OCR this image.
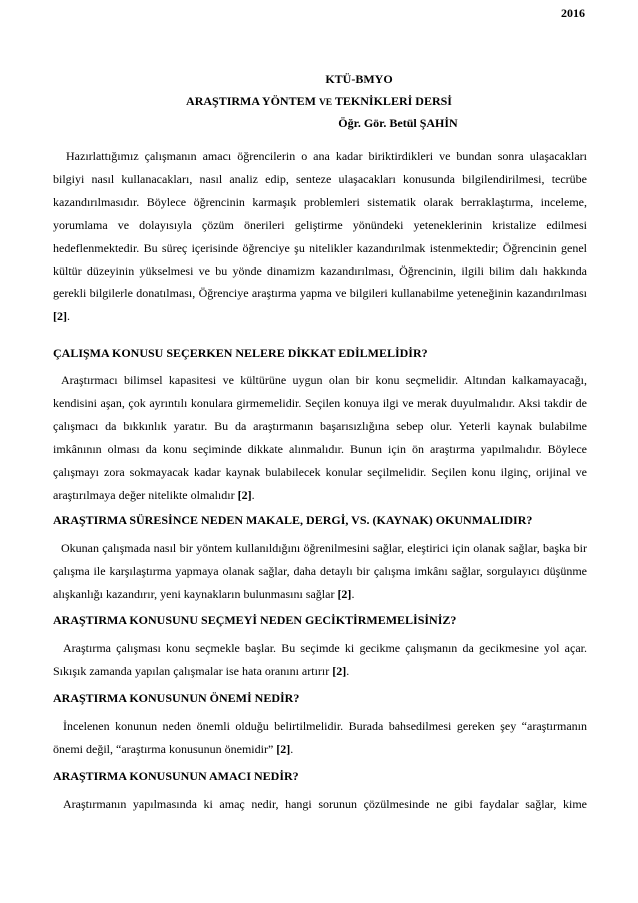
2016
KTÜ-BMYO
ARAŞTIRMA YÖNTEM VE TEKNİKLERİ DERSİ
Öğr. Gör. Betül ŞAHİN
Hazırlattığımız çalışmanın amacı öğrencilerin o ana kadar biriktirdikleri ve bundan sonra ulaşacakları bilgiyi nasıl kullanacakları, nasıl analiz edip, senteze ulaşacakları konusunda bilgilendirilmesi, tecrübe kazandırılmasıdır. Böylece öğrencinin karmaşık problemleri sistematik olarak berraklaştırma, inceleme, yorumlama ve dolayısıyla çözüm önerileri geliştirme yönündeki yeteneklerinin kristalize edilmesi hedeflenmektedir. Bu süreç içerisinde öğrenciye şu nitelikler kazandırılmak istenmektedir; Öğrencinin genel kültür düzeyinin yükselmesi ve bu yönde dinamizm kazandırılması, Öğrencinin, ilgili bilim dalı hakkında gerekli bilgilerle donatılması, Öğrenciye araştırma yapma ve bilgileri kullanabilme yeteneğinin kazandırılması [2].
ÇALIŞMA KONUSU SEÇERKEN NELERE DİKKAT EDİLMELİDİR?
Araştırmacı bilimsel kapasitesi ve kültürüne uygun olan bir konu seçmelidir. Altından kalkamayacağı, kendisini aşan, çok ayrıntılı konulara girmemelidir. Seçilen konuya ilgi ve merak duyulmalıdır. Aksi takdir de çalışmacı da bıkkınlık yaratır. Bu da araştırmanın başarısızlığına sebep olur. Yeterli kaynak bulabilme imkânının olması da konu seçiminde dikkate alınmalıdır. Bunun için ön araştırma yapılmalıdır. Böylece çalışmayı zora sokmayacak kadar kaynak bulabilecek konular seçilmelidir. Seçilen konu ilginç, orijinal ve araştırılmaya değer nitelikte olmalıdır [2].
ARAŞTIRMA SÜRESİNCE NEDEN MAKALE, DERGİ, VS. (KAYNAK) OKUNMALIDIR?
Okunan çalışmada nasıl bir yöntem kullanıldığını öğrenilmesini sağlar, eleştirici için olanak sağlar, başka bir çalışma ile karşılaştırma yapmaya olanak sağlar, daha detaylı bir çalışma imkânı sağlar, sorgulayıcı düşünme alışkanlığı kazandırır, yeni kaynakların bulunmasını sağlar [2].
ARAŞTIRMA KONUSUNU SEÇMEYİ NEDEN GECİKTİRMEMELİSİNİZ?
Araştırma çalışması konu seçmekle başlar. Bu seçimde ki gecikme çalışmanın da gecikmesine yol açar. Sıkışık zamanda yapılan çalışmalar ise hata oranını artırır [2].
ARAŞTIRMA KONUSUNUN ÖNEMİ NEDİR?
İncelenen konunun neden önemli olduğu belirtilmelidir. Burada bahsedilmesi gereken şey “araştırmanın önemi değil, “araştırma konusunun önemidir” [2].
ARAŞTIRMA KONUSUNUN AMACI NEDİR?
Araştırmanın yapılmasında ki amaç nedir, hangi sorunun çözülmesinde ne gibi faydalar sağlar, kime
